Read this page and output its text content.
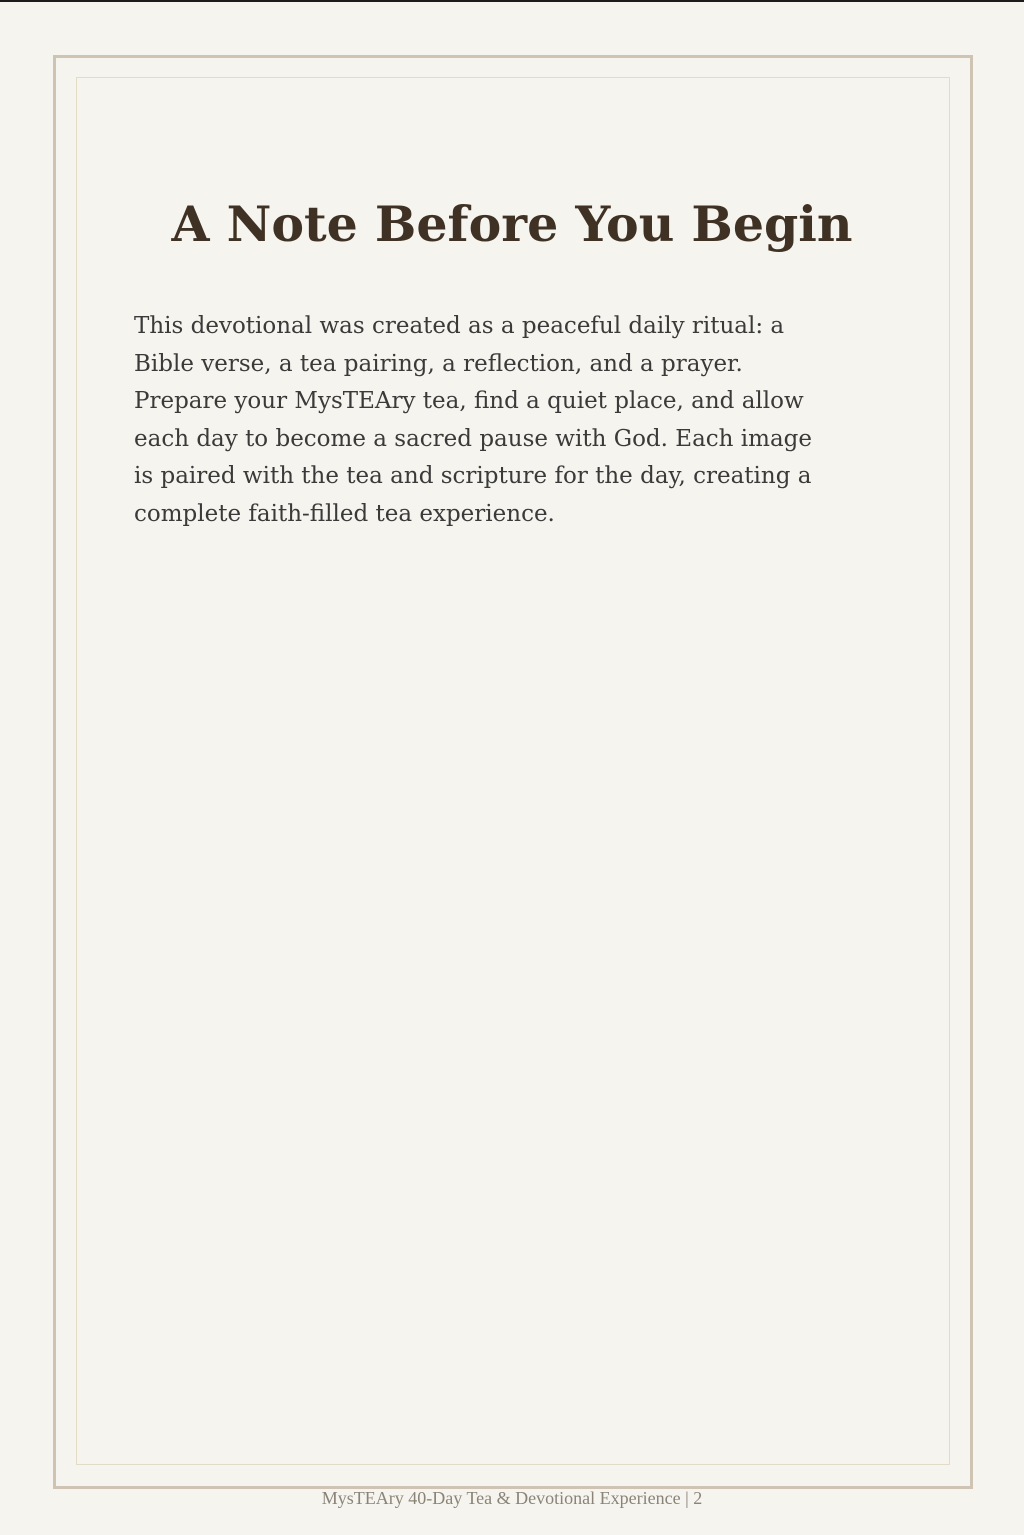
A Note Before You Begin

This devotional was created as a peaceful daily ritual: a
Bible verse, a tea pairing, a reflection, and a prayer.
Prepare your MysTEAry tea, find a quiet place, and allow
each day to become a sacred pause with God. Each image
is paired with the tea and scripture for the day, creating a
complete faith-filled tea experience.

MysTEAry 40-Day Tea & Devotional Experience | 2
